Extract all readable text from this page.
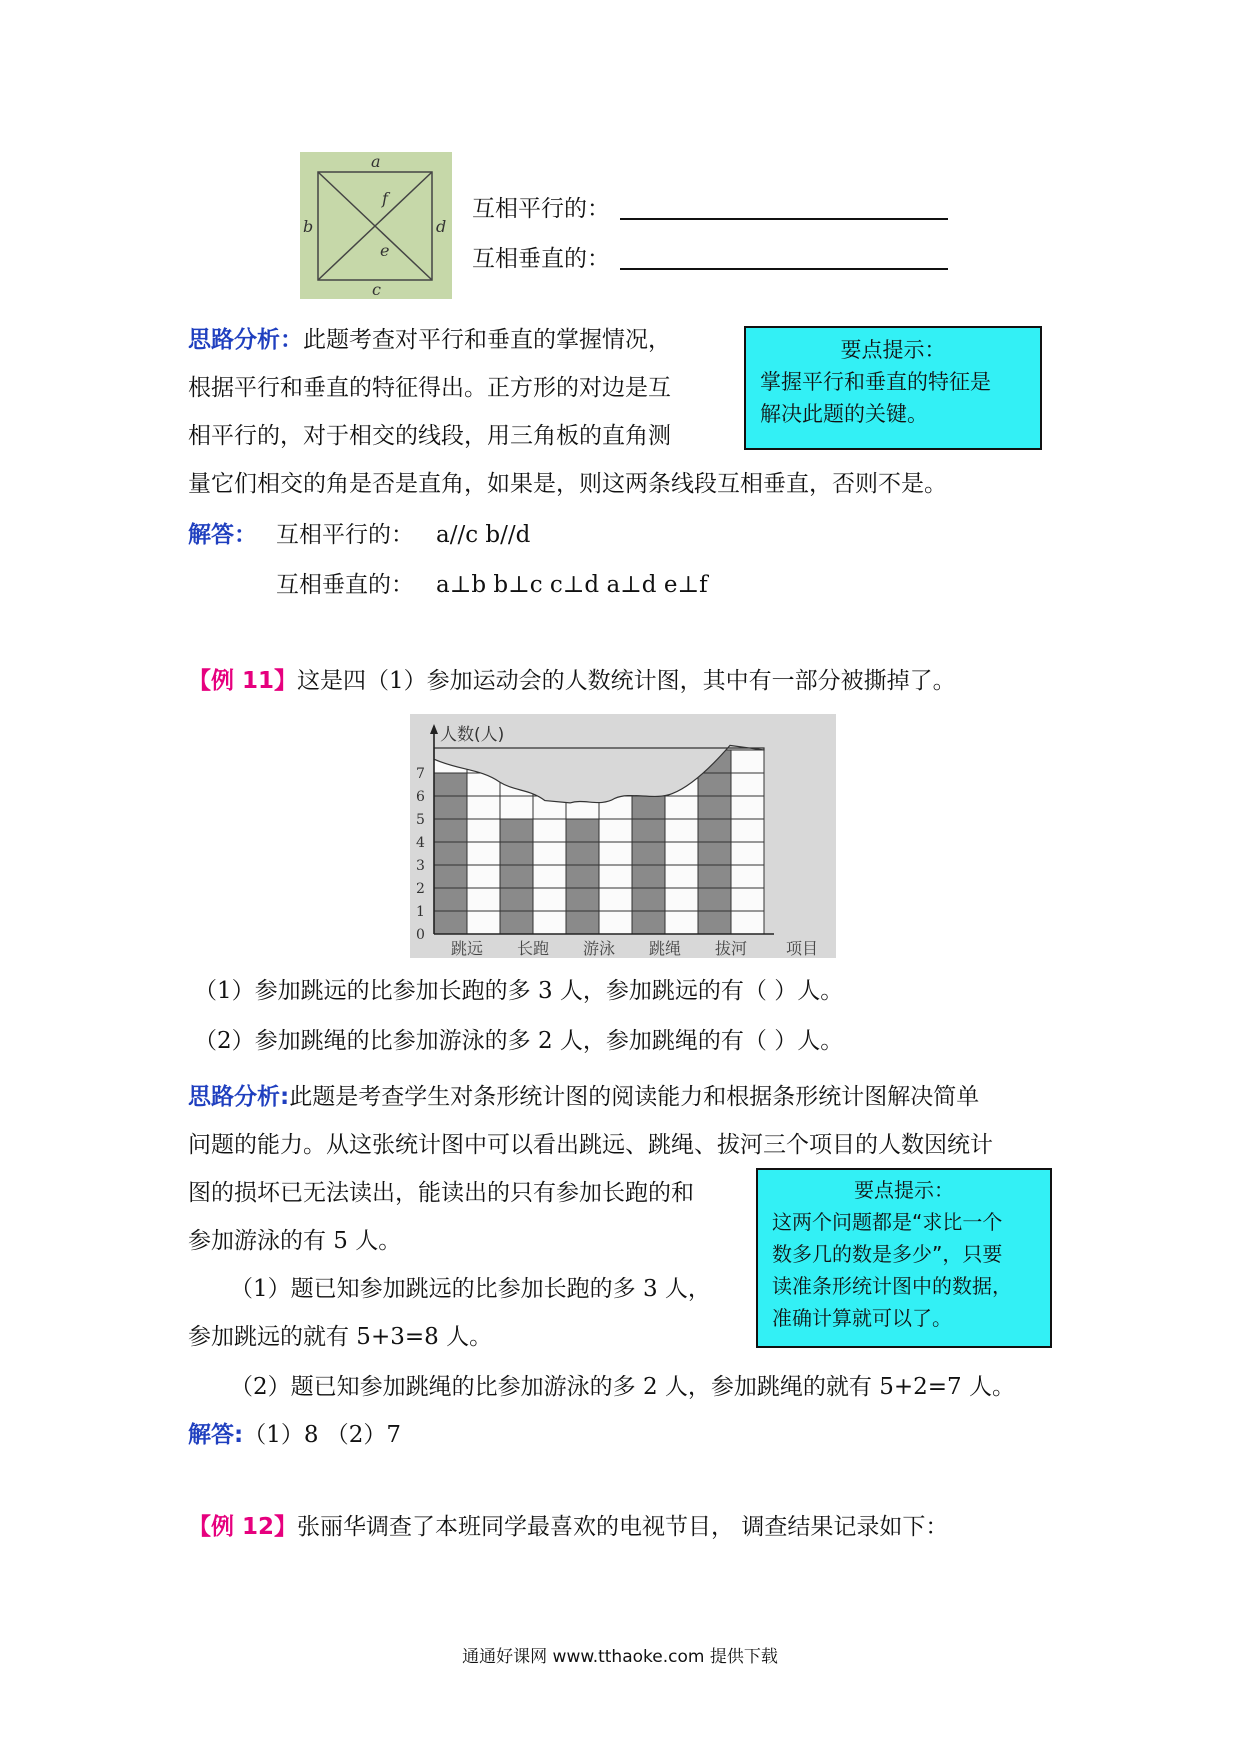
a
b
c
d
e
f	互相平行的：
互相垂直的：
思路分析：此题考查对平行和垂直的掌握情况，
根据平行和垂直的特征得出。正方形的对边是互
相平行的，对于相交的线段，用三角板的直角测
量它们相交的角是否是直角，如果是，则这两条线段互相垂直，否则不是。
要点提示：
掌握平行和垂直的特征是
解决此题的关键。
解答： 互相平行的： a//c b//d
互相垂直的： a⊥b b⊥c c⊥d a⊥d e⊥f
【例 11】这是四（1）参加运动会的人数统计图，其中有一部分被撕掉了。
0
1
2
3
4
5
6
7
人数(人)
跳远 长跑 游泳 跳绳 拔河 项目
（1）参加跳远的比参加长跑的多 3 人，参加跳远的有（ ）人。
（2）参加跳绳的比参加游泳的多 2 人，参加跳绳的有（ ）人。
思路分析:此题是考查学生对条形统计图的阅读能力和根据条形统计图解决简单
问题的能力。从这张统计图中可以看出跳远、跳绳、拔河三个项目的人数因统计
图的损坏已无法读出，能读出的只有参加长跑的和
参加游泳的有 5 人。
（1）题已知参加跳远的比参加长跑的多 3 人，
参加跳远的就有 5+3=8 人。
（2）题已知参加跳绳的比参加游泳的多 2 人，参加跳绳的就有 5+2=7 人。
要点提示：
这两个问题都是“求比一个
数多几的数是多少”，只要
读准条形统计图中的数据，
准确计算就可以了。
解答:（1）8 （2）7
【例 12】张丽华调查了本班同学最喜欢的电视节目， 调查结果记录如下：
通通好课网 www.tthaoke.com 提供下载
